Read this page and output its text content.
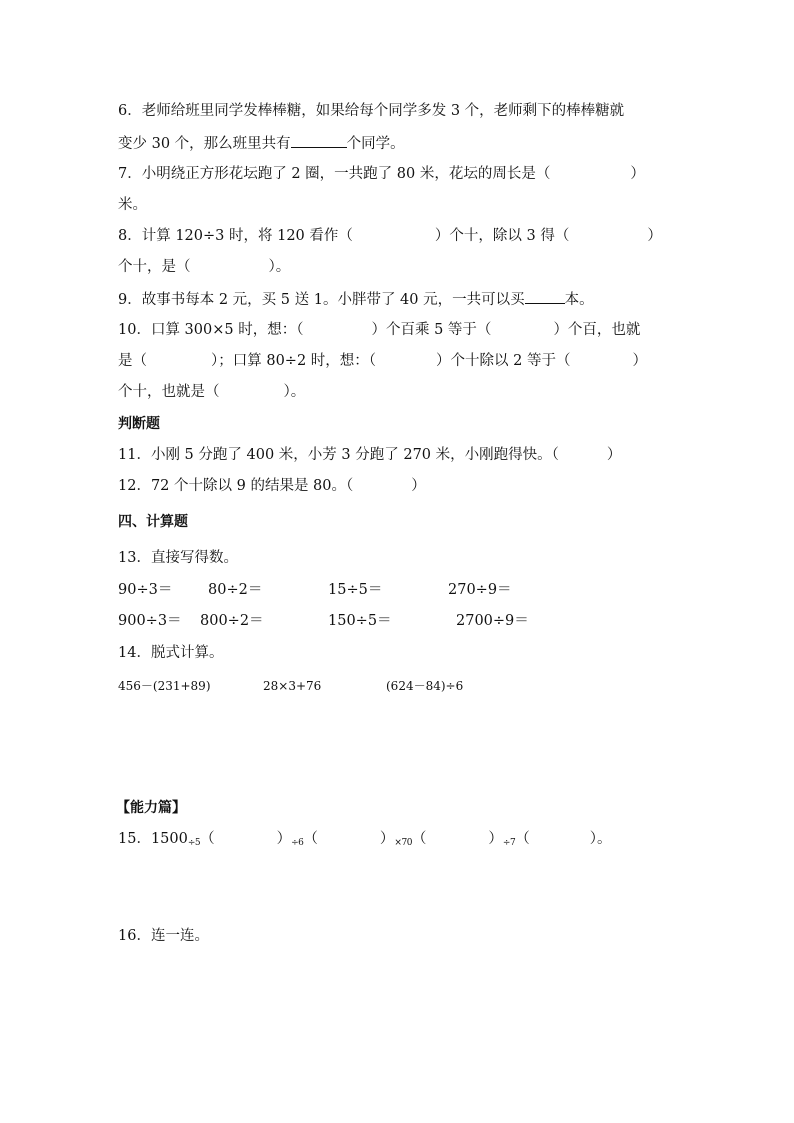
6．老师给班里同学发棒棒糖，如果给每个同学多发 3 个，老师剩下的棒棒糖就
变少 30 个，那么班里共有	个同学。
7．小明绕正方形花坛跑了 2 圈，一共跑了 80 米，花坛的周长是（	）
米。
8．计算 120÷3 时，将 120 看作（	）个十，除以 3 得（	）
个十，是（	）。
9．故事书每本 2 元，买 5 送 1。小胖带了 40 元，一共可以买	本。
10．口算 300×5 时，想：（	）个百乘 5 等于（	）个百，也就
是（	）；口算 80÷2 时，想：（	）个十除以 2 等于（	）
个十，也就是（	）。
判断题
11．小刚 5 分跑了 400 米，小芳 3 分跑了 270 米，小刚跑得快。（	）
12．72 个十除以 9 的结果是 80。（	）
四、计算题
13．直接写得数。
90÷3＝ 80÷2＝	15÷5＝	270÷9＝
900÷3＝ 800÷2＝	150÷5＝	2700÷9＝
14．脱式计算。
456－(231+89)	28×3+76	(624－84)÷6
【能力篇】
15．1500÷5（	）÷6（	）×70（	）÷7（	）。
16．连一连。
